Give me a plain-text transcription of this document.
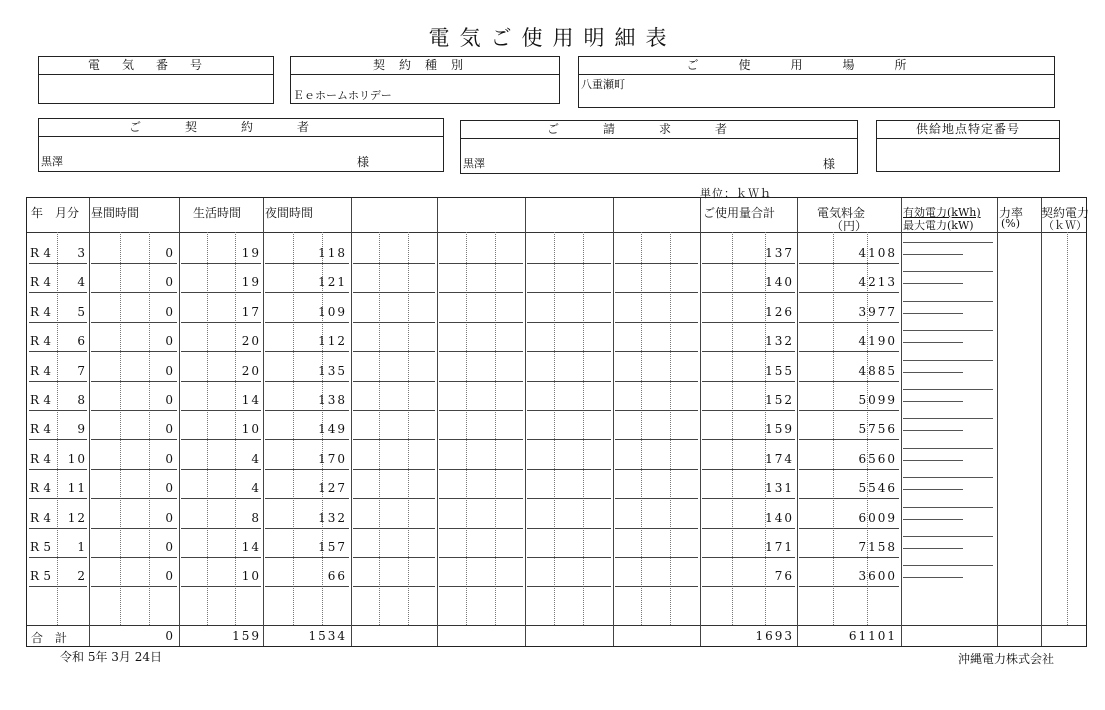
電気ご使用明細表
電気番号	契約種別
Ｅｅホームホリデー
ご使用場所
八重瀬町
ご契約者
黒澤	様
ご請求者
黒澤	様
供給地点特定番号
単位：ｋＷｈ
年　月分 昼間時間	生活時間 夜間時間	ご使用量合計	電気料金
（円）
有効電力(kWh)
最大電力(kW)
力率
(%)
契約電力
（ｋＷ）
R 4	3	0	19	118	137	4108
R 4	4	0	19	121	140	4213
R 4	5	0	17	109	126	3977
R 4	6	0	20	112	132	4190
R 4	7	0	20	135	155	4885
R 4	8	0	14	138	152	5099
R 4	9	0	10	149	159	5756
R 4	10	0	4	170	174	6560
R 4	11	0	4	127	131	5546
R 4	12	0	8	132	140	6009
R 5	1	0	14	157	171	7158
R 5	2	0	10	66	76	3600
合　計	0	159	1534	1693	61101
令和 5年 3月 24日	沖縄電力株式会社
